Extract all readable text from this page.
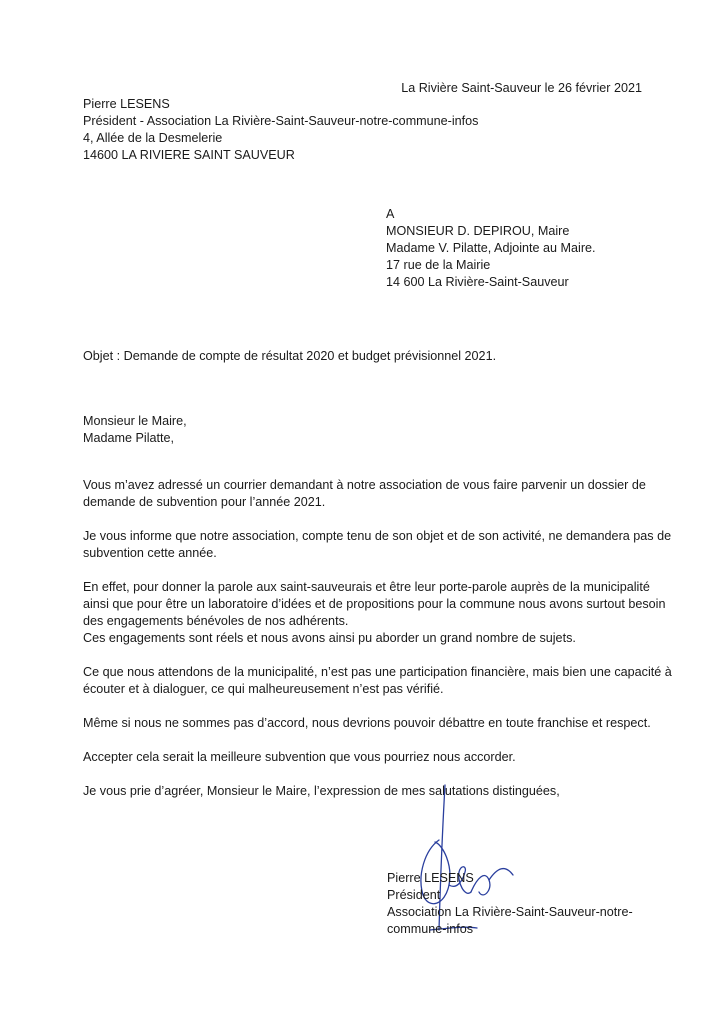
La Rivière Saint-Sauveur le 26 février 2021
Pierre LESENS
Président - Association La Rivière-Saint-Sauveur-notre-commune-infos
4, Allée de la Desmelerie
14600 LA RIVIERE SAINT SAUVEUR
A
MONSIEUR D. DEPIROU, Maire
Madame V. Pilatte, Adjointe au Maire.
17 rue de la Mairie
14 600 La Rivière-Saint-Sauveur
Objet : Demande de compte de résultat 2020 et budget prévisionnel 2021.
Monsieur le Maire,
Madame Pilatte,

Vous m’avez adressé un courrier demandant à notre association de vous faire parvenir un dossier de
demande de subvention pour l’année 2021.

Je vous informe que notre association, compte tenu de son objet et de son activité, ne demandera pas de
subvention cette année.

En effet, pour donner la parole aux saint-sauveurais et être leur porte-parole auprès de la municipalité
ainsi que pour être un laboratoire d’idées et de propositions pour la commune nous avons surtout besoin
des engagements bénévoles de nos adhérents.

Ces engagements sont réels et nous avons ainsi pu aborder un grand nombre de sujets.

Ce que nous attendons de la municipalité, n’est pas une participation financière, mais bien une capacité à
écouter et à dialoguer, ce qui malheureusement n’est pas vérifié.

Même si nous ne sommes pas d’accord, nous devrions pouvoir débattre en toute franchise et respect.

Accepter cela serait la meilleure subvention que vous pourriez nous accorder.

Je vous prie d’agréer, Monsieur le Maire, l’expression de mes salutations distinguées,

Pierre LESENS
Président
Association La Rivière-Saint-Sauveur-notre-
commune-infos
